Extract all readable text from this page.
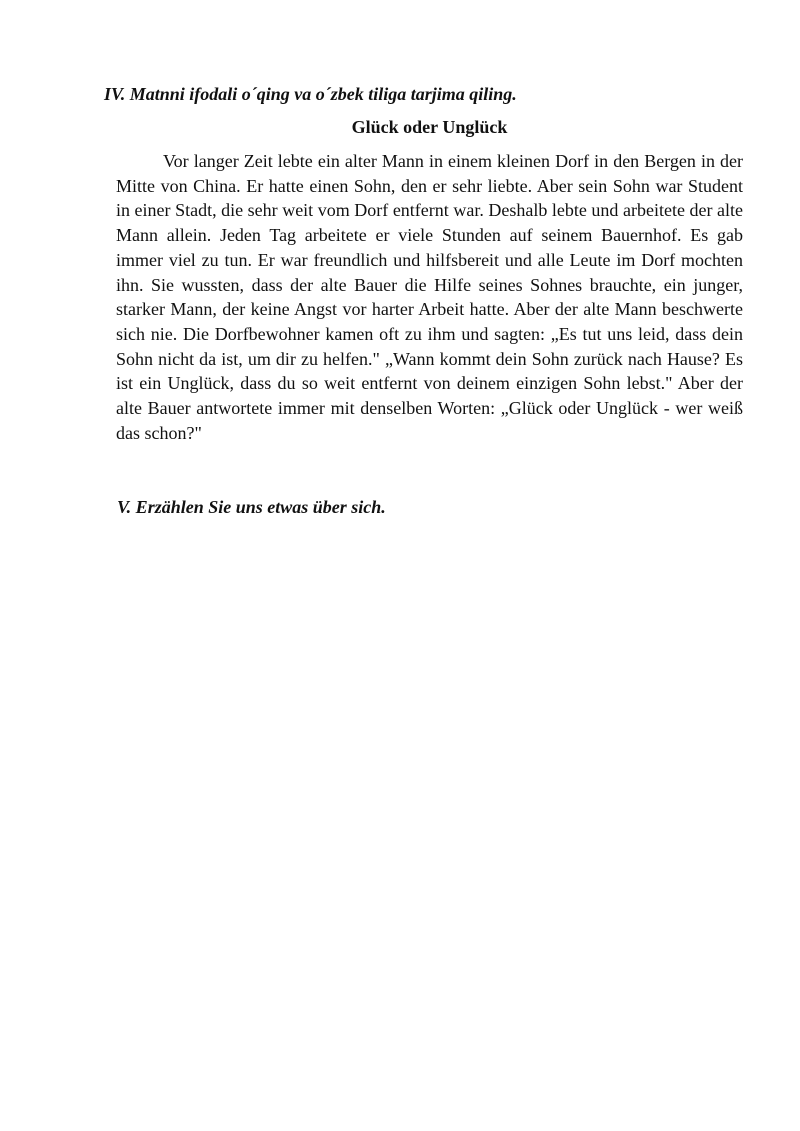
IV. Matnni ifodali o´qing va o´zbek tiliga tarjima qiling.
Glück oder Unglück

Vor langer Zeit lebte ein alter Mann in einem kleinen Dorf in den Bergen in der Mitte von China. Er hatte einen Sohn, den er sehr liebte. Aber sein Sohn war Student in einer Stadt, die sehr weit vom Dorf entfernt war. Deshalb lebte und arbeitete der alte Mann allein. Jeden Tag arbeitete er viele Stunden auf seinem Bauernhof. Es gab immer viel zu tun. Er war freundlich und hilfsbereit und alle Leute im Dorf mochten ihn. Sie wussten, dass der alte Bauer die Hilfe seines Sohnes brauchte, ein junger, starker Mann, der keine Angst vor harter Arbeit hatte. Aber der alte Mann beschwerte sich nie. Die Dorfbewohner kamen oft zu ihm und sagten: „Es tut uns leid, dass dein Sohn nicht da ist, um dir zu helfen." „Wann kommt dein Sohn zurück nach Hause? Es ist ein Unglück, dass du so weit entfernt von deinem einzigen Sohn lebst." Aber der alte Bauer antwortete immer mit denselben Worten: „Glück oder Unglück - wer weiß das schon?"

V. Erzählen Sie uns etwas über sich.
